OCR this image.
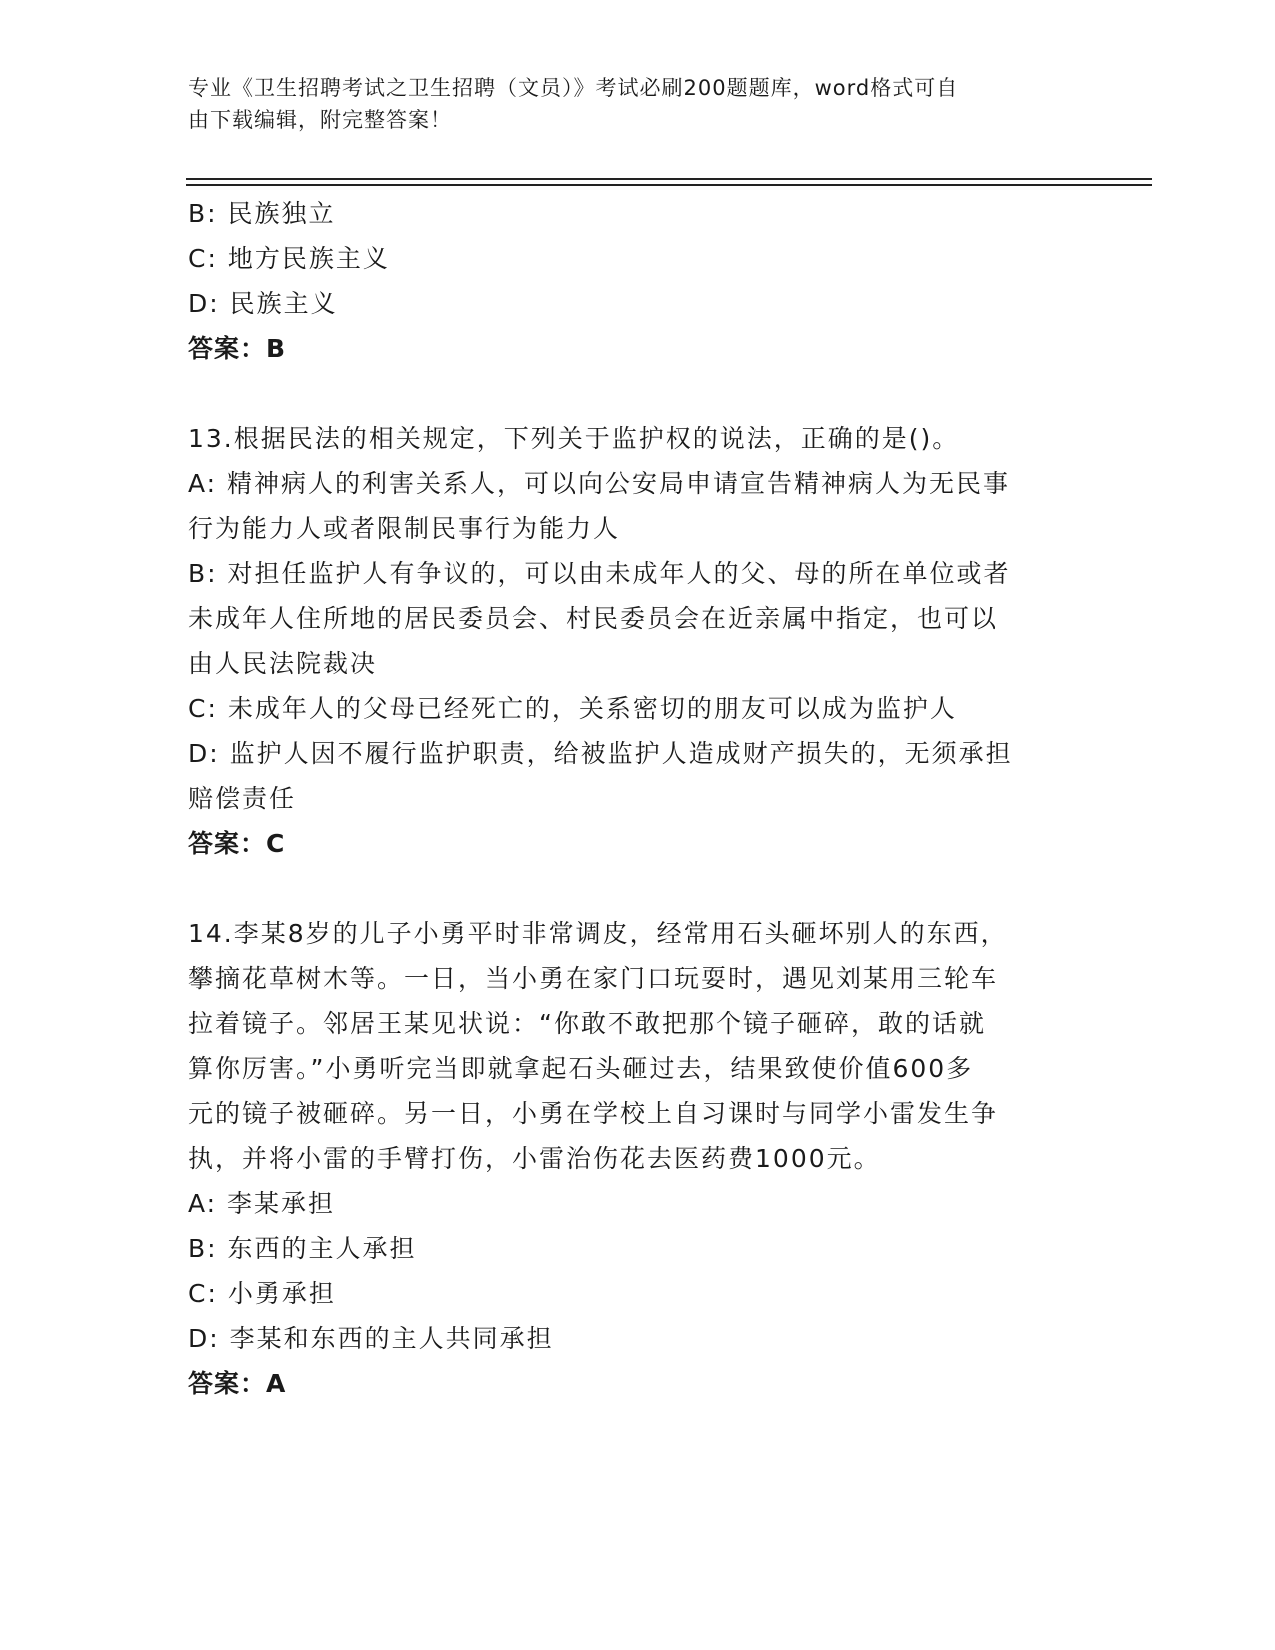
专业《卫生招聘考试之卫生招聘（文员）》考试必刷200题题库，word格式可自
由下载编辑，附完整答案！
B: 民族独立
C: 地方民族主义
D: 民族主义
答案：B
13.根据民法的相关规定，下列关于监护权的说法，正确的是()。
A: 精神病人的利害关系人，可以向公安局申请宣告精神病人为无民事
行为能力人或者限制民事行为能力人
B: 对担任监护人有争议的，可以由未成年人的父、母的所在单位或者
未成年人住所地的居民委员会、村民委员会在近亲属中指定，也可以
由人民法院裁决
C: 未成年人的父母已经死亡的，关系密切的朋友可以成为监护人
D: 监护人因不履行监护职责，给被监护人造成财产损失的，无须承担
赔偿责任
答案：C
14.李某8岁的儿子小勇平时非常调皮，经常用石头砸坏别人的东西，
攀摘花草树木等。一日，当小勇在家门口玩耍时，遇见刘某用三轮车
拉着镜子。邻居王某见状说：“你敢不敢把那个镜子砸碎，敢的话就
算你厉害。”小勇听完当即就拿起石头砸过去，结果致使价值600多
元的镜子被砸碎。另一日，小勇在学校上自习课时与同学小雷发生争
执，并将小雷的手臂打伤，小雷治伤花去医药费1000元。
A: 李某承担
B: 东西的主人承担
C: 小勇承担
D: 李某和东西的主人共同承担
答案：A
